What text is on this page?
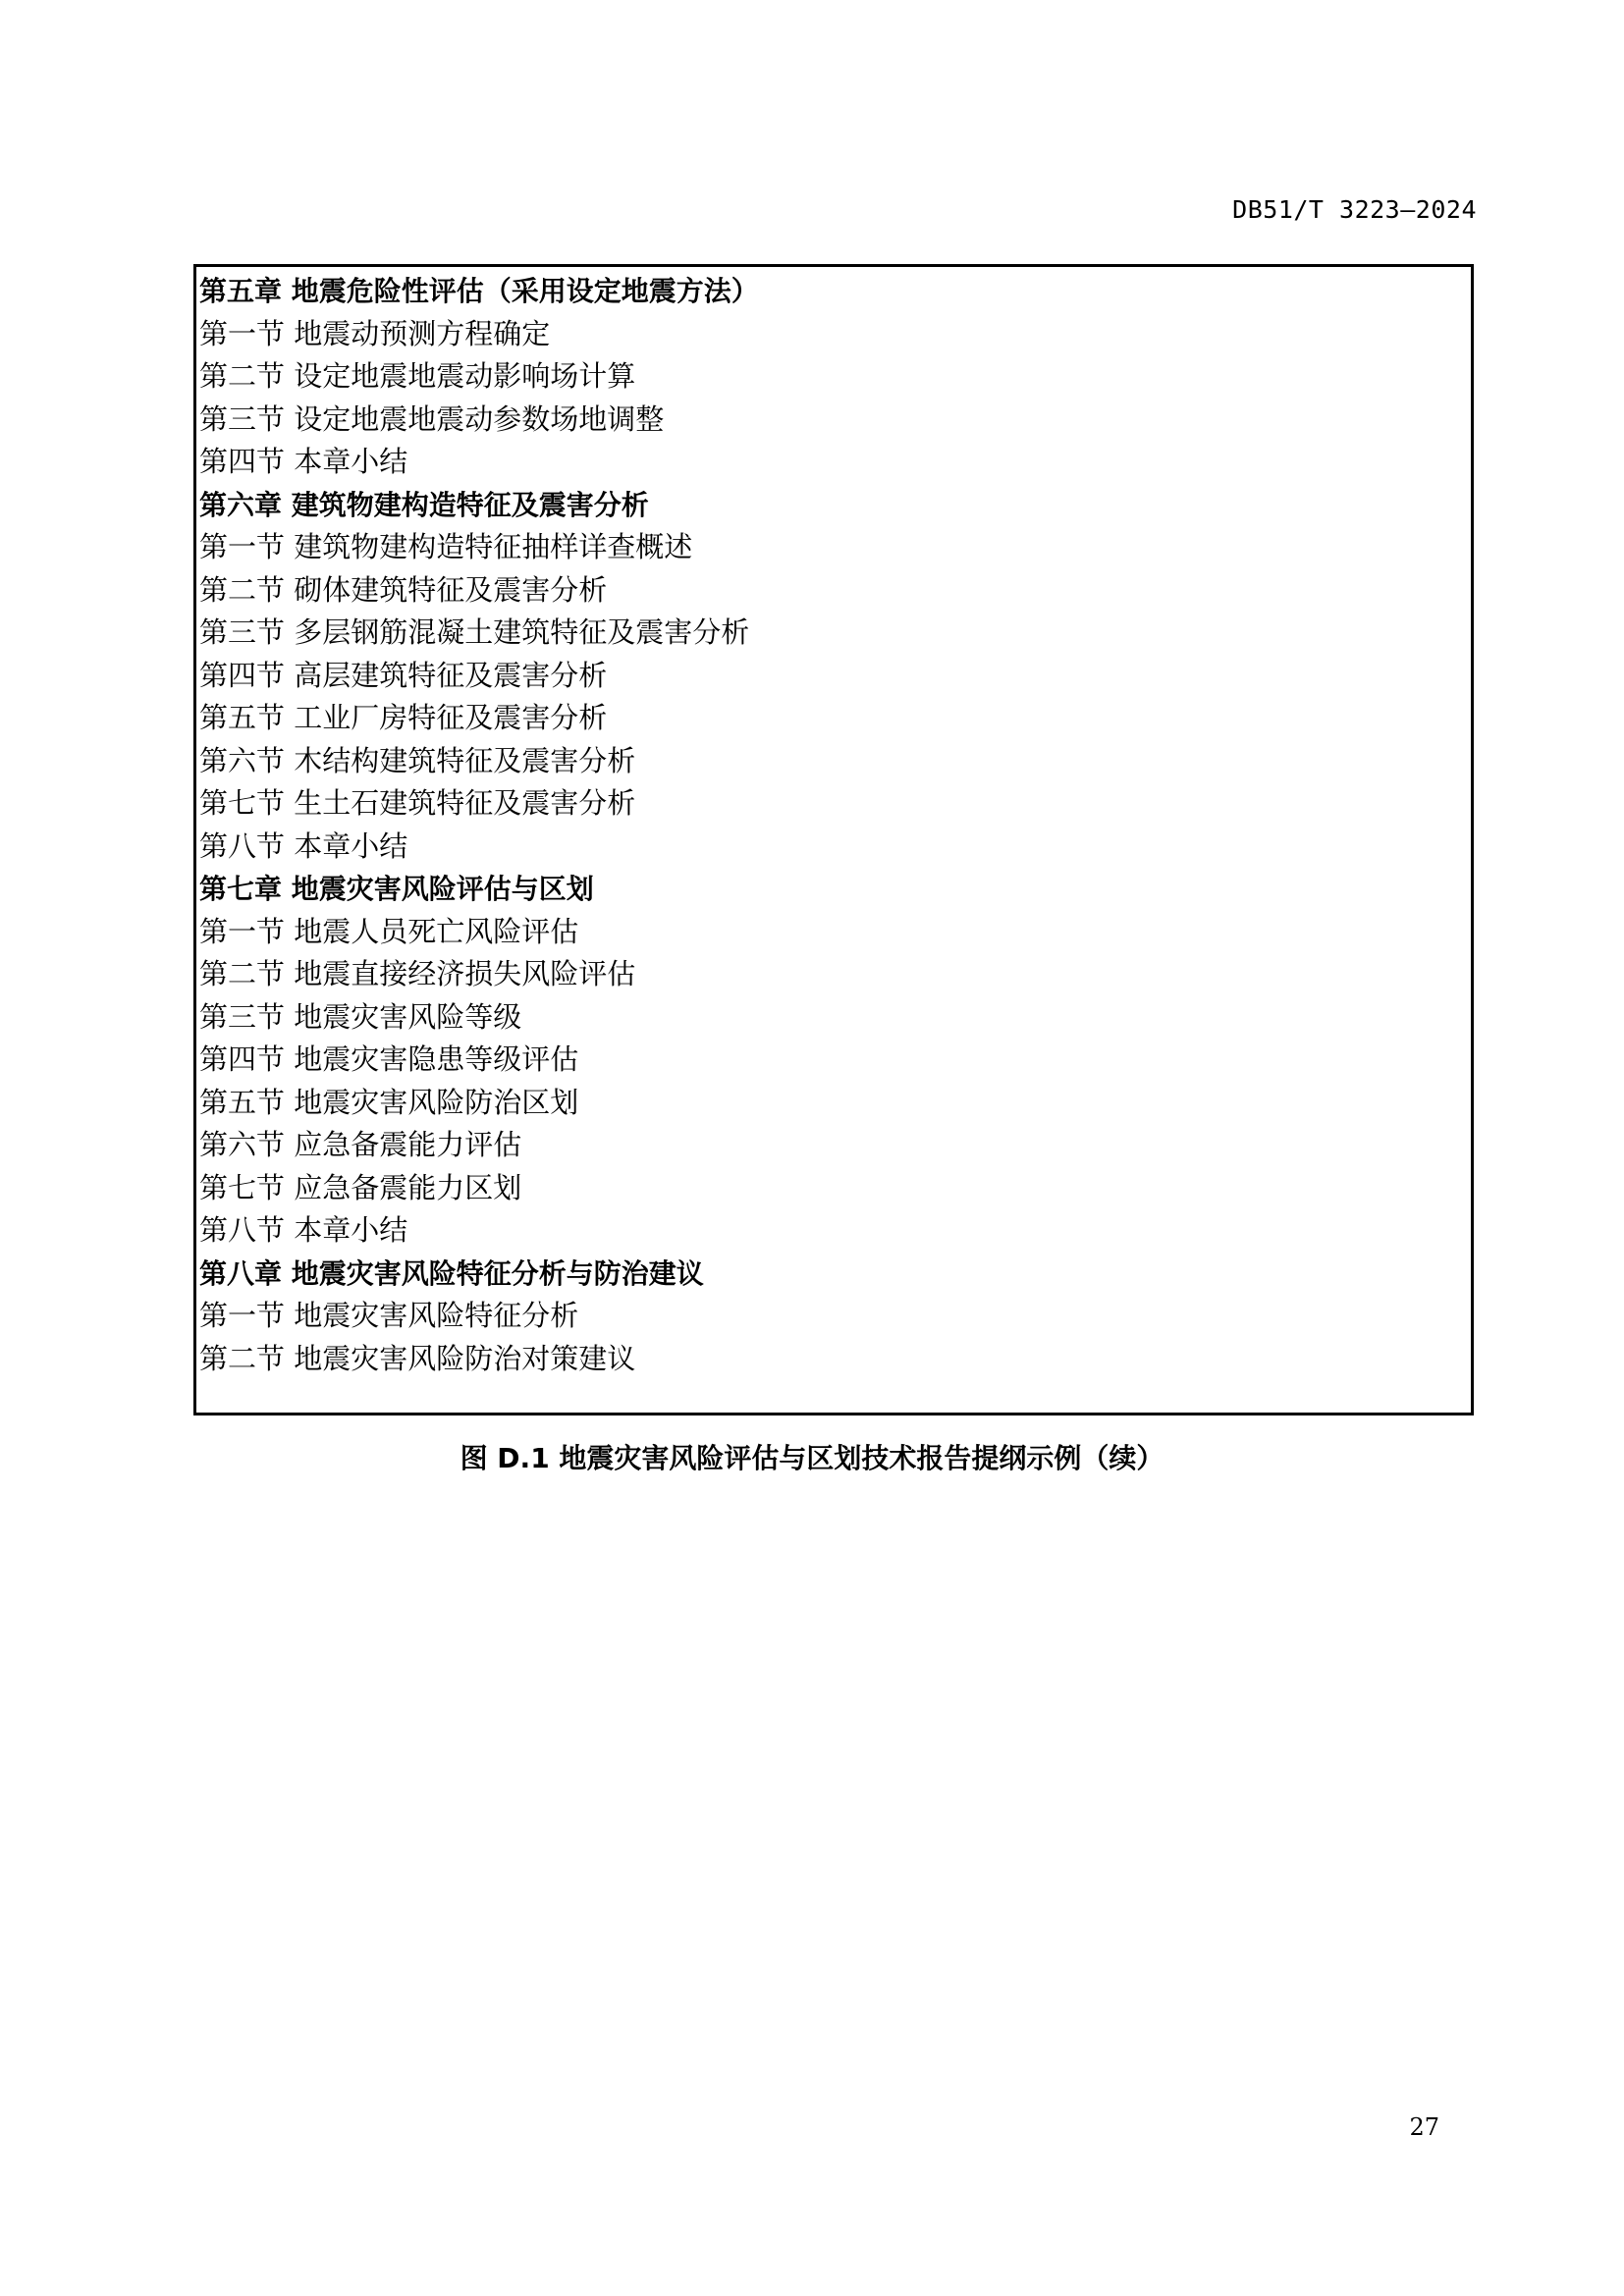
DB51/T 3223—2024
第五章 地震危险性评估（采用设定地震方法）
第一节 地震动预测方程确定
第二节 设定地震地震动影响场计算
第三节 设定地震地震动参数场地调整
第四节 本章小结
第六章 建筑物建构造特征及震害分析
第一节 建筑物建构造特征抽样详查概述
第二节 砌体建筑特征及震害分析
第三节 多层钢筋混凝土建筑特征及震害分析
第四节 高层建筑特征及震害分析
第五节 工业厂房特征及震害分析
第六节 木结构建筑特征及震害分析
第七节 生土石建筑特征及震害分析
第八节 本章小结
第七章 地震灾害风险评估与区划
第一节 地震人员死亡风险评估
第二节 地震直接经济损失风险评估
第三节 地震灾害风险等级
第四节 地震灾害隐患等级评估
第五节 地震灾害风险防治区划
第六节 应急备震能力评估
第七节 应急备震能力区划
第八节 本章小结
第八章 地震灾害风险特征分析与防治建议
第一节 地震灾害风险特征分析
第二节 地震灾害风险防治对策建议
图 D.1 地震灾害风险评估与区划技术报告提纲示例（续）
27
